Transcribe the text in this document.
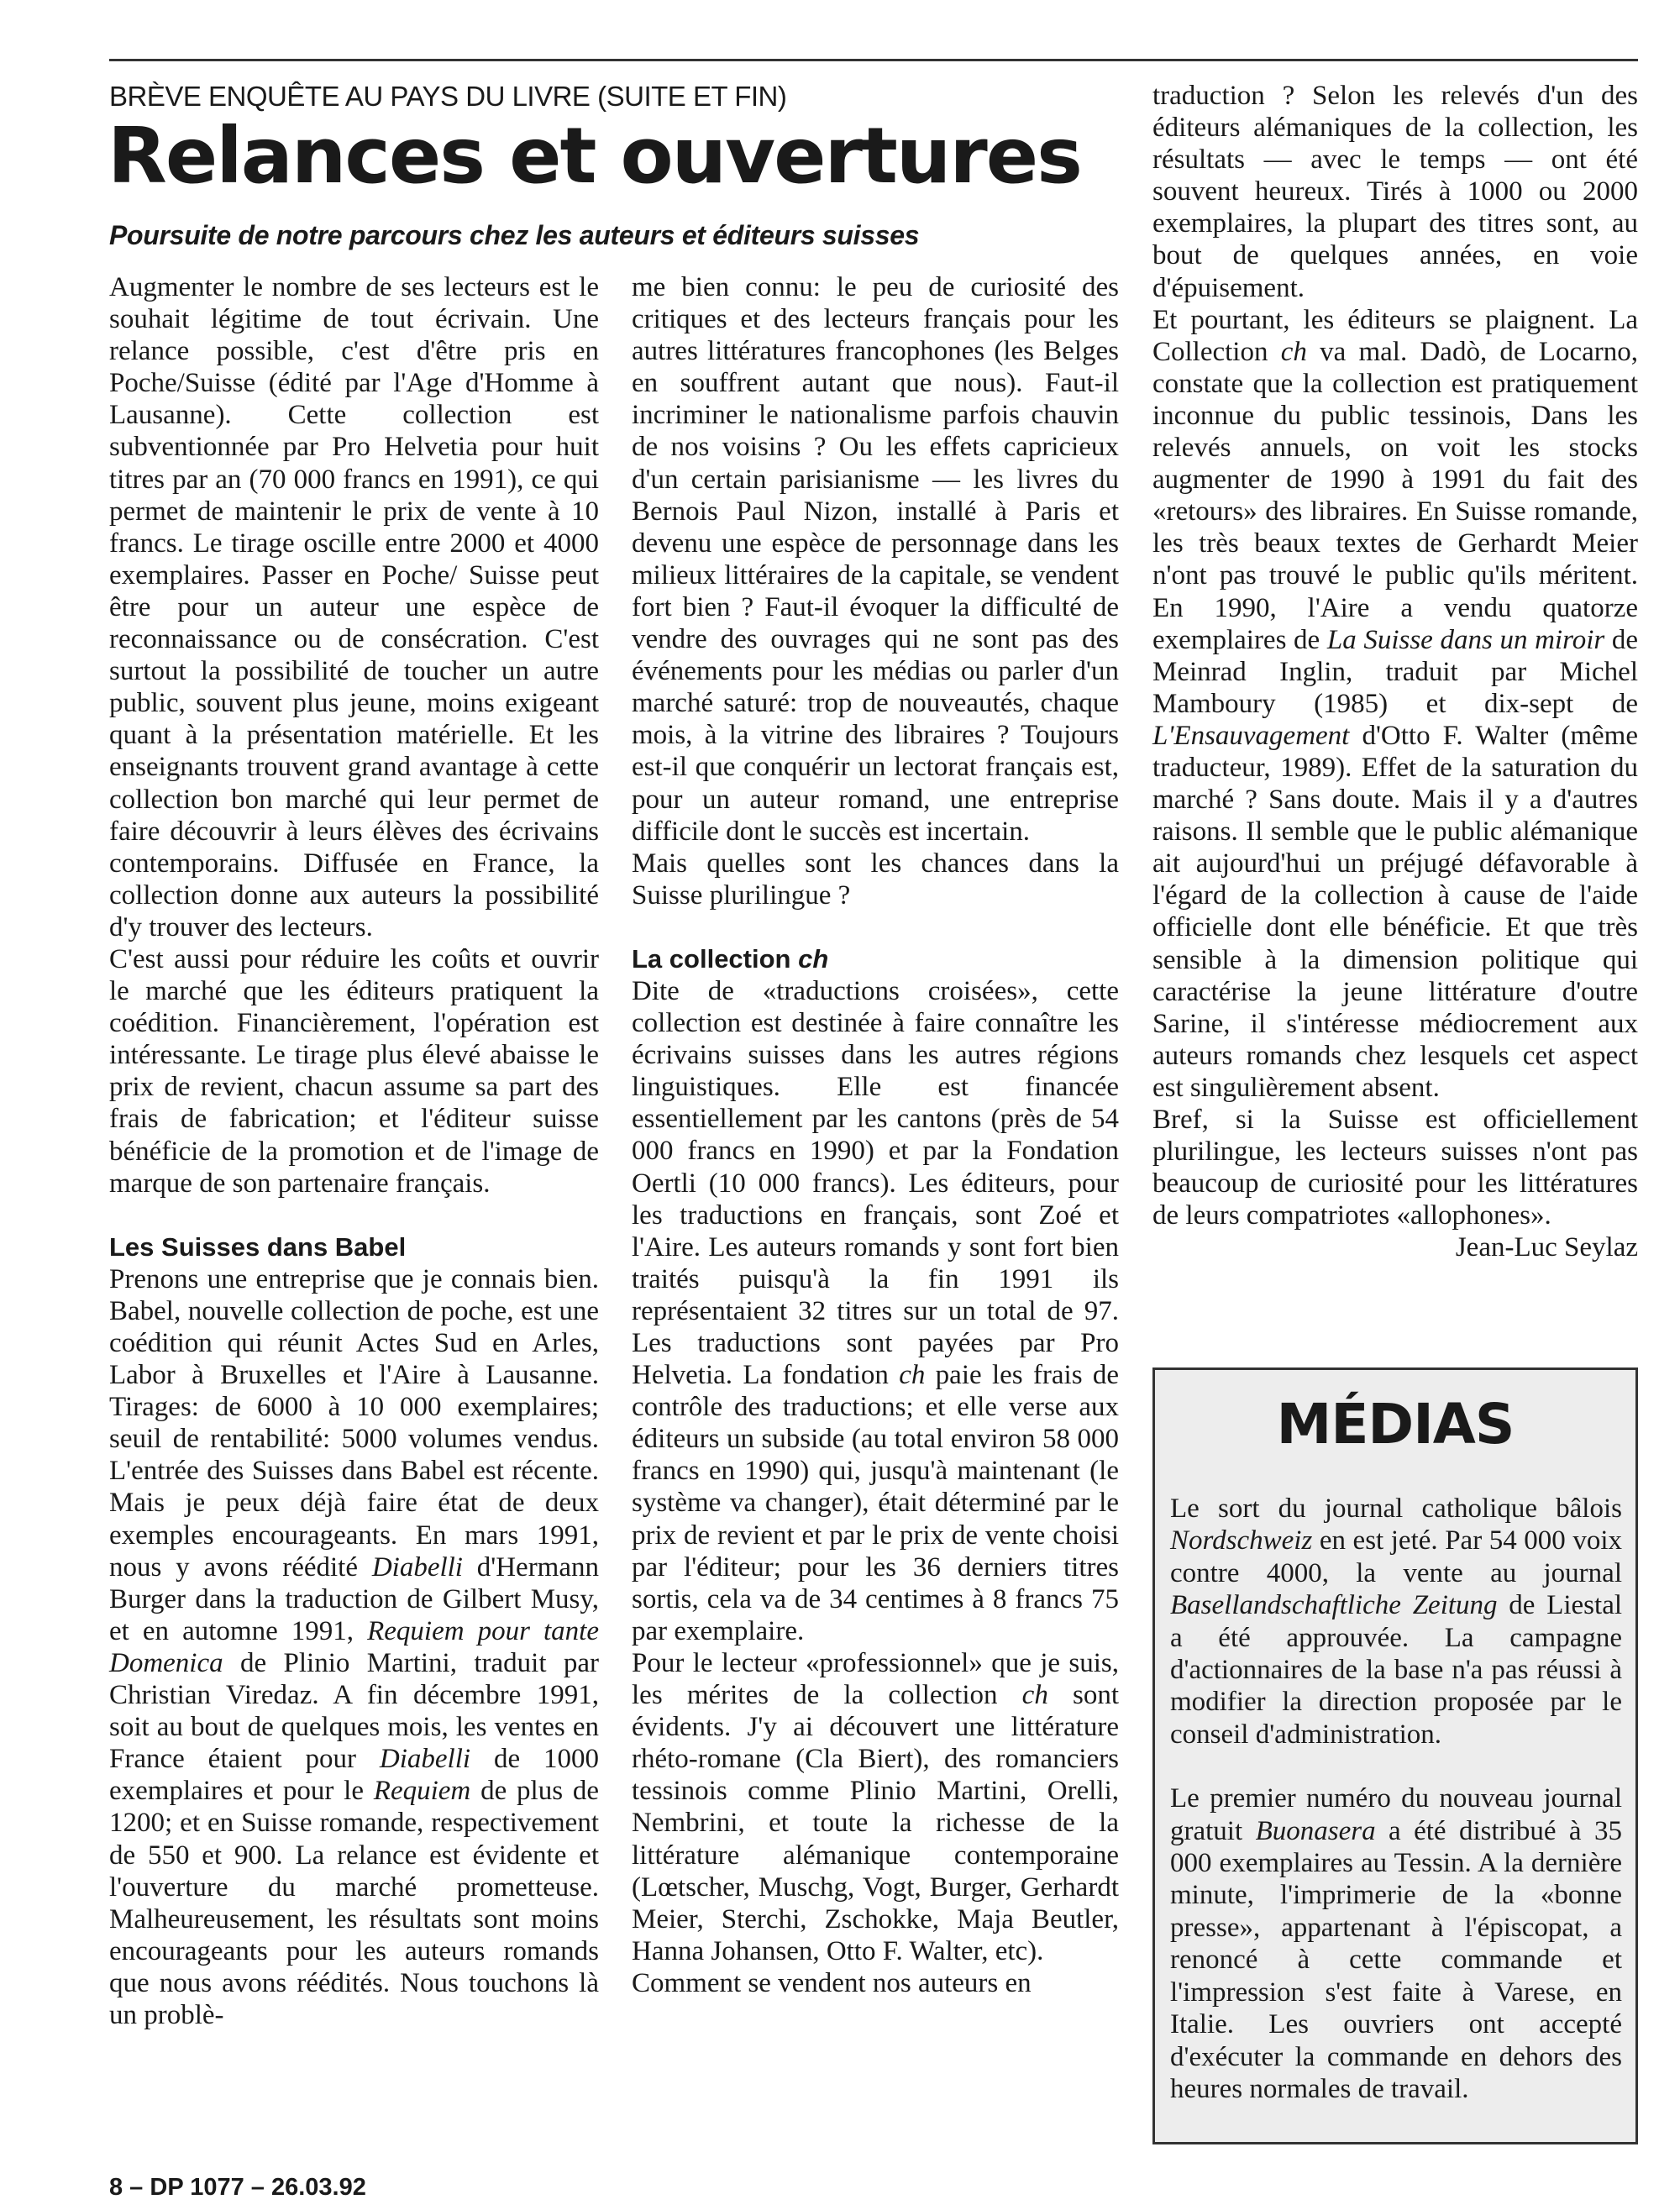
BRÈVE ENQUÊTE AU PAYS DU LIVRE (SUITE ET FIN)
Relances et ouvertures
Poursuite de notre parcours chez les auteurs et éditeurs suisses

Augmenter le nombre de ses lecteurs est le souhait légitime de tout écrivain. Une relance possible, c'est d'être pris en Poche/Suisse (édité par l'Age d'Homme à Lausanne). Cette collection est subventionnée par Pro Helvetia pour huit titres par an (70 000 francs en 1991), ce qui permet de maintenir le prix de vente à 10 francs. Le tirage oscille entre 2000 et 4000 exemplaires. Passer en Poche/ Suisse peut être pour un auteur une espèce de reconnaissance ou de consécration. C'est surtout la possibilité de toucher un autre public, souvent plus jeune, moins exigeant quant à la présentation matérielle. Et les enseignants trouvent grand avantage à cette collection bon marché qui leur permet de faire découvrir à leurs élèves des écrivains contemporains. Diffusée en France, la collection donne aux auteurs la possibilité d'y trouver des lecteurs.

C'est aussi pour réduire les coûts et ouvrir le marché que les éditeurs pratiquent la coédition. Financièrement, l'opération est intéressante. Le tirage plus élevé abaisse le prix de revient, chacun assume sa part des frais de fabrication; et l'éditeur suisse bénéficie de la promotion et de l'image de marque de son partenaire français.

Les Suisses dans Babel

Prenons une entreprise que je connais bien. Babel, nouvelle collection de poche, est une coédition qui réunit Actes Sud en Arles, Labor à Bruxelles et l'Aire à Lausanne. Tirages: de 6000 à 10 000 exemplaires; seuil de rentabilité: 5000 volumes vendus. L'entrée des Suisses dans Babel est récente. Mais je peux déjà faire état de deux exemples encourageants. En mars 1991, nous y avons réédité Diabelli d'Hermann Burger dans la traduction de Gilbert Musy, et en automne 1991, Requiem pour tante Domenica de Plinio Martini, traduit par Christian Viredaz. A fin décembre 1991, soit au bout de quelques mois, les ventes en France étaient pour Diabelli de 1000 exemplaires et pour le Requiem de plus de 1200; et en Suisse romande, respectivement de 550 et 900. La relance est évidente et l'ouverture du marché prometteuse. Malheureusement, les résultats sont moins encourageants pour les auteurs romands que nous avons réédités. Nous touchons là un problè-

me bien connu: le peu de curiosité des critiques et des lecteurs français pour les autres littératures francophones (les Belges en souffrent autant que nous). Faut-il incriminer le nationalisme parfois chauvin de nos voisins ? Ou les effets capricieux d'un certain parisianisme — les livres du Bernois Paul Nizon, installé à Paris et devenu une espèce de personnage dans les milieux littéraires de la capitale, se vendent fort bien ? Faut-il évoquer la difficulté de vendre des ouvrages qui ne sont pas des événements pour les médias ou parler d'un marché saturé: trop de nouveautés, chaque mois, à la vitrine des libraires ? Toujours est-il que conquérir un lectorat français est, pour un auteur romand, une entreprise difficile dont le succès est incertain.

Mais quelles sont les chances dans la Suisse plurilingue ?

La collection ch

Dite de «traductions croisées», cette collection est destinée à faire connaître les écrivains suisses dans les autres régions linguistiques. Elle est financée essentiellement par les cantons (près de 54 000 francs en 1990) et par la Fondation Oertli (10 000 francs). Les éditeurs, pour les traductions en français, sont Zoé et l'Aire. Les auteurs romands y sont fort bien traités puisqu'à la fin 1991 ils représentaient 32 titres sur un total de 97. Les traductions sont payées par Pro Helvetia. La fondation ch paie les frais de contrôle des traductions; et elle verse aux éditeurs un subside (au total environ 58 000 francs en 1990) qui, jusqu'à maintenant (le système va changer), était déterminé par le prix de revient et par le prix de vente choisi par l'éditeur; pour les 36 derniers titres sortis, cela va de 34 centimes à 8 francs 75 par exemplaire.

Pour le lecteur «professionnel» que je suis, les mérites de la collection ch sont évidents. J'y ai découvert une littérature rhéto-romane (Cla Biert), des romanciers tessinois comme Plinio Martini, Orelli, Nembrini, et toute la richesse de la littérature alémanique contemporaine (Lœtscher, Muschg, Vogt, Burger, Gerhardt Meier, Sterchi, Zschokke, Maja Beutler, Hanna Johansen, Otto F. Walter, etc).

Comment se vendent nos auteurs en

traduction ? Selon les relevés d'un des éditeurs alémaniques de la collection, les résultats — avec le temps — ont été souvent heureux. Tirés à 1000 ou 2000 exemplaires, la plupart des titres sont, au bout de quelques années, en voie d'épuisement.

Et pourtant, les éditeurs se plaignent. La Collection ch va mal. Dadò, de Locarno, constate que la collection est pratiquement inconnue du public tessinois, Dans les relevés annuels, on voit les stocks augmenter de 1990 à 1991 du fait des «retours» des libraires. En Suisse romande, les très beaux textes de Gerhardt Meier n'ont pas trouvé le public qu'ils méritent. En 1990, l'Aire a vendu quatorze exemplaires de La Suisse dans un miroir de Meinrad Inglin, traduit par Michel Mamboury (1985) et dix-sept de L'Ensauvagement d'Otto F. Walter (même traducteur, 1989). Effet de la saturation du marché ? Sans doute. Mais il y a d'autres raisons. Il semble que le public alémanique ait aujourd'hui un préjugé défavorable à l'égard de la collection à cause de l'aide officielle dont elle bénéficie. Et que très sensible à la dimension politique qui caractérise la jeune littérature d'outre Sarine, il s'intéresse médiocrement aux auteurs romands chez lesquels cet aspect est singulièrement absent.

Bref, si la Suisse est officiellement plurilingue, les lecteurs suisses n'ont pas beaucoup de curiosité pour les littératures de leurs compatriotes «allophones».

Jean-Luc Seylaz

MÉDIAS

Le sort du journal catholique bâlois Nordschweiz en est jeté. Par 54 000 voix contre 4000, la vente au journal Basellandschaftliche Zeitung de Liestal a été approuvée. La campagne d'actionnaires de la base n'a pas réussi à modifier la direction proposée par le conseil d'administration.

Le premier numéro du nouveau journal gratuit Buonasera a été distribué à 35 000 exemplaires au Tessin. A la dernière minute, l'imprimerie de la «bonne presse», appartenant à l'épiscopat, a renoncé à cette commande et l'impression s'est faite à Varese, en Italie. Les ouvriers ont accepté d'exécuter la commande en dehors des heures normales de travail.

8 – DP 1077 – 26.03.92
